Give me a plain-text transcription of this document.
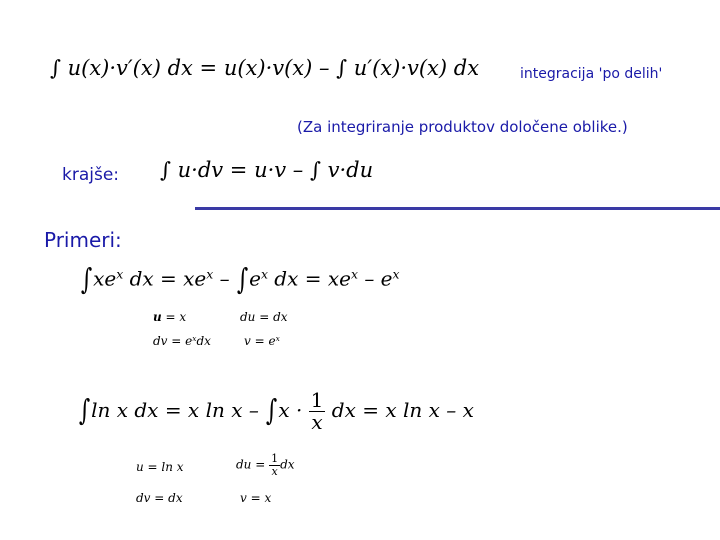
∫ u(x)·v′(x) dx = u(x)·v(x) – ∫ u′(x)·v(x) dx	integracija 'po delih'
(Za integriranje produktov določene oblike.)
krajše: ∫ u·dv = u·v – ∫ v·du
Primeri:
$\int xe^x$ dx = $xe^x - \int e^x$ dx = $xe^x - e^x$
u = x	du = dx
dv = $e^xdx$	$v = e^x$
∫ln x dx = x $\ln x - \int x \cdot \frac{1}{x}$ dx = x ln x – x
u = ln x	du = $\frac{1}{x}$ dx
dv = dx	v = x
